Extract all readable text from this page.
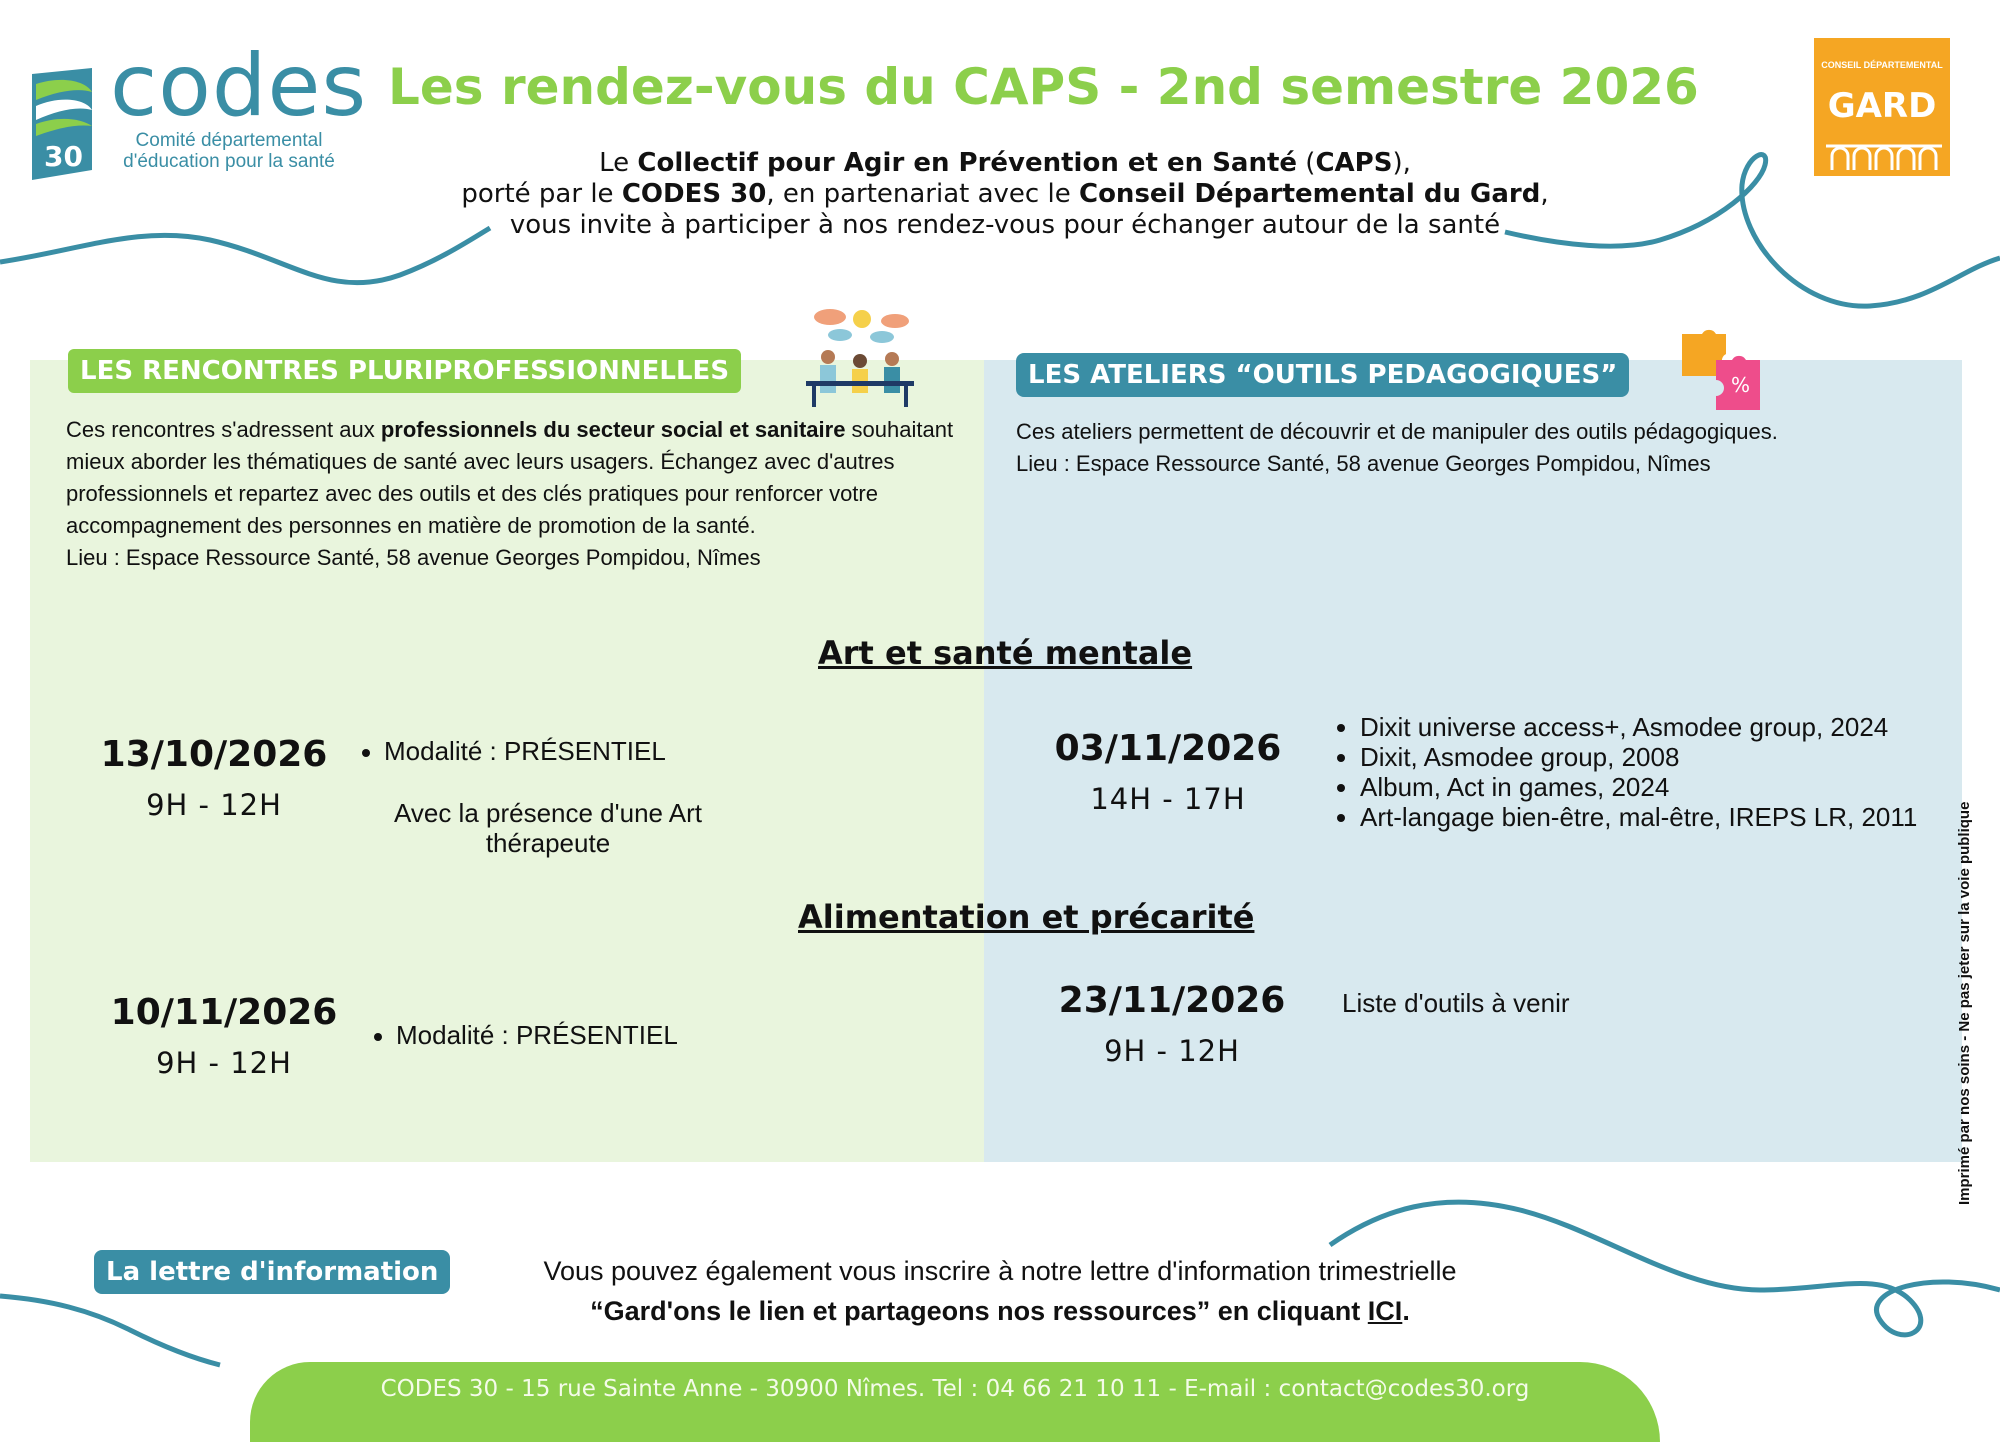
30
codes
Comité départemental
d'éducation pour la santé
Les rendez-vous du CAPS - 2nd semestre 2026
Le Collectif pour Agir en Prévention et en Santé (CAPS),
porté par le CODES 30, en partenariat avec le Conseil Départemental du Gard,
vous invite à participer à nos rendez-vous pour échanger autour de la santé
CONSEIL DÉPARTEMENTAL
GARD
LES RENCONTRES PLURIPROFESSIONNELLES
Ces rencontres s'adressent aux professionnels du secteur social et sanitaire souhaitant mieux aborder les thématiques de santé avec leurs usagers. Échangez avec d'autres professionnels et repartez avec des outils et des clés pratiques pour renforcer votre accompagnement des personnes en matière de promotion de la santé.
Lieu : Espace Ressource Santé, 58 avenue Georges Pompidou, Nîmes
LES ATELIERS “OUTILS PEDAGOGIQUES”	%
Ces ateliers permettent de découvrir et de manipuler des outils pédagogiques.
Lieu : Espace Ressource Santé, 58 avenue Georges Pompidou, Nîmes
Art et santé mentale
13/10/2026
9H - 12H
Modalité : PRÉSENTIEL
Avec la présence d'une Art thérapeute
03/11/2026
14H - 17H
• Dixit universe access+, Asmodee group, 2024
• Dixit, Asmodee group, 2008
• Album, Act in games, 2024
• Art-langage bien-être, mal-être, IREPS LR, 2011
Alimentation et précarité
10/11/2026
9H - 12H
Modalité : PRÉSENTIEL
23/11/2026
9H - 12H
Liste d'outils à venir	Imprimé par nos soins - Ne pas jeter sur la voie publique
La lettre d'information	Vous pouvez également vous inscrire à notre lettre d'information trimestrielle
“Gard'ons le lien et partageons nos ressources” en cliquant ICI.
CODES 30 - 15 rue Sainte Anne - 30900 Nîmes. Tel : 04 66 21 10 11 - E-mail : contact@codes30.org
